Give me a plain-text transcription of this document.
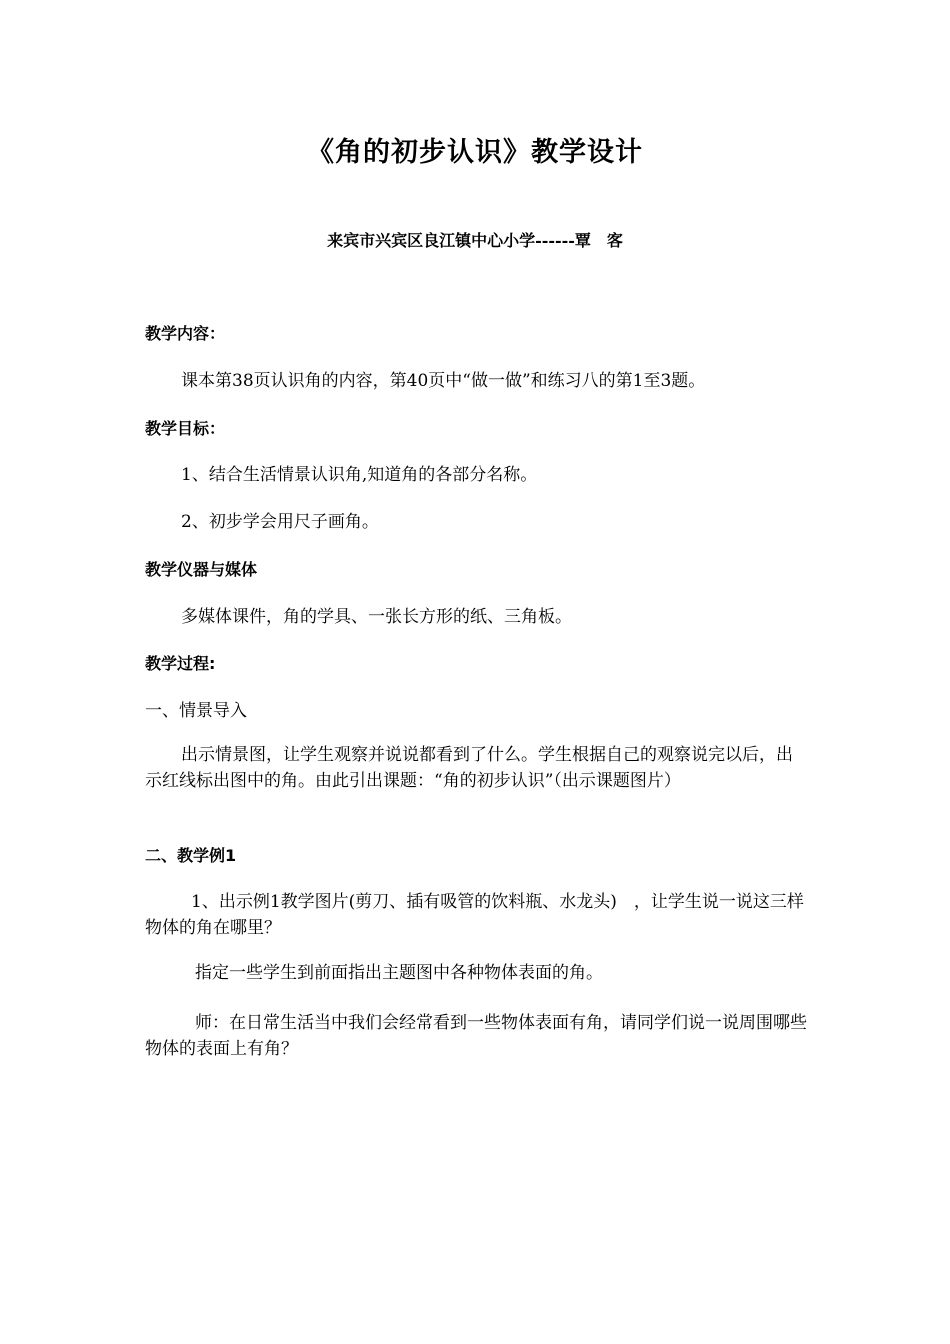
《角的初步认识》教学设计
来宾市兴宾区良江镇中心小学------覃　客
教学内容：
课本第38页认识角的内容，第40页中“做一做”和练习八的第1至3题。
教学目标：
1、结合生活情景认识角,知道角的各部分名称。
2、初步学会用尺子画角。
教学仪器与媒体
多媒体课件，角的学具、一张长方形的纸、三角板。
教学过程:
一、情景导入
出示情景图，让学生观察并说说都看到了什么。学生根据自己的观察说完以后，出示红线标出图中的角。由此引出课题：“角的初步认识”（出示课题图片）
二、教学例1
1、出示例1教学图片(剪刀、插有吸管的饮料瓶、水龙头)　，让学生说一说这三样物体的角在哪里？
指定一些学生到前面指出主题图中各种物体表面的角。
师：在日常生活当中我们会经常看到一些物体表面有角，请同学们说一说周围哪些物体的表面上有角？
